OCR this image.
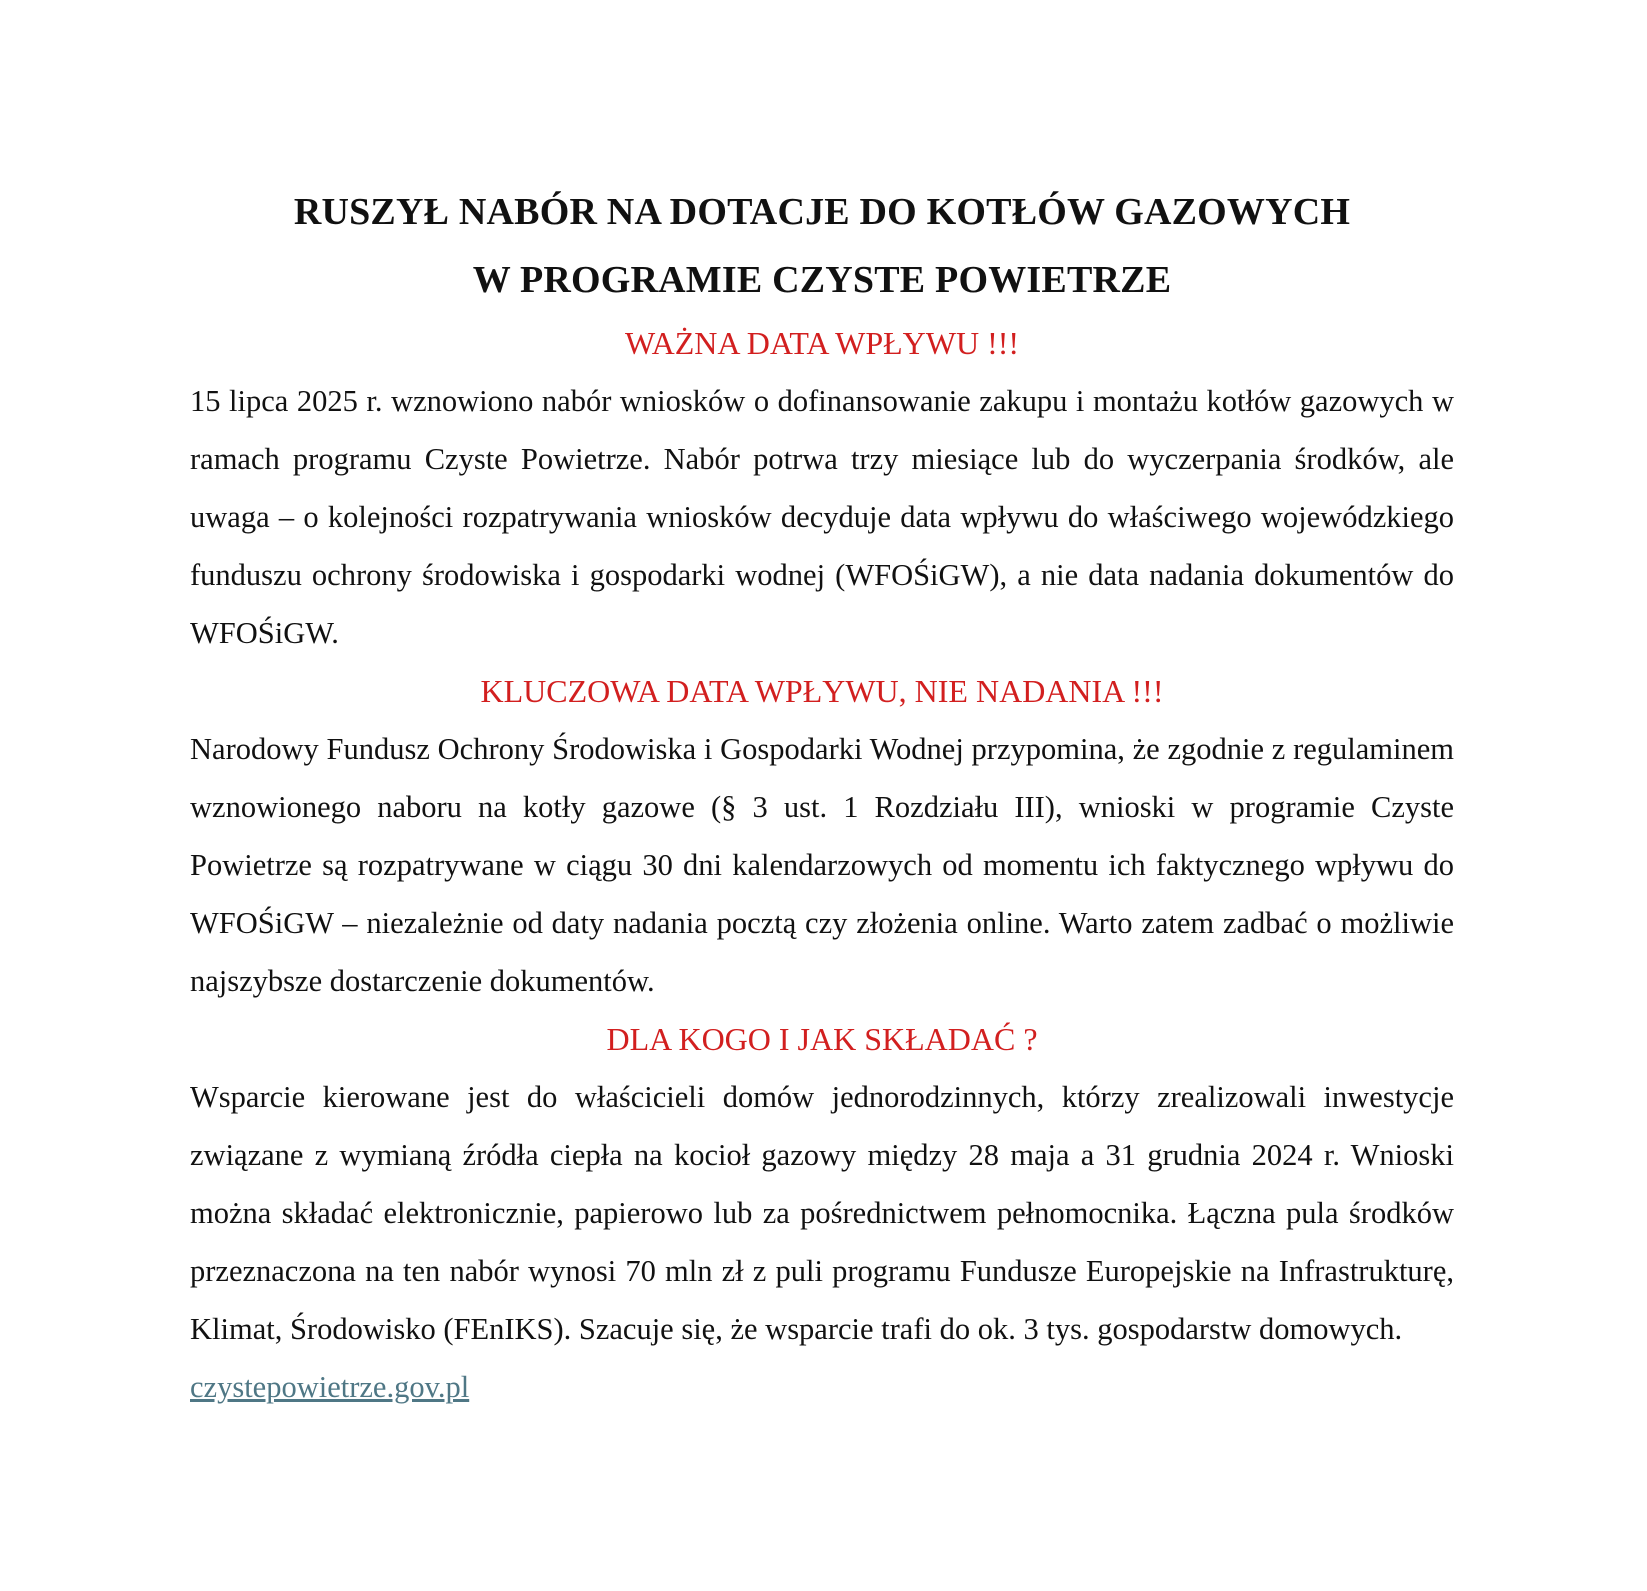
RUSZYŁ NABÓR NA DOTACJE DO KOTŁÓW GAZOWYCH

W PROGRAMIE CZYSTE POWIETRZE

WAŻNA DATA WPŁYWU !!!

15 lipca 2025 r. wznowiono nabór wniosków o dofinansowanie zakupu i montażu kotłów gazowych w ramach programu Czyste Powietrze. Nabór potrwa trzy miesiące lub do wyczerpania środków, ale uwaga – o kolejności rozpatrywania wniosków decyduje data wpływu do właściwego wojewódzkiego funduszu ochrony środowiska i gospodarki wodnej (WFOŚiGW), a nie data nadania dokumentów do WFOŚiGW.

KLUCZOWA DATA WPŁYWU, NIE NADANIA !!!

Narodowy Fundusz Ochrony Środowiska i Gospodarki Wodnej przypomina, że zgodnie z regulaminem wznowionego naboru na kotły gazowe (§ 3 ust. 1 Rozdziału III), wnioski w programie Czyste Powietrze są rozpatrywane w ciągu 30 dni kalendarzowych od momentu ich faktycznego wpływu do WFOŚiGW – niezależnie od daty nadania pocztą czy złożenia online. Warto zatem zadbać o możliwie najszybsze dostarczenie dokumentów.

DLA KOGO I JAK SKŁADAĆ ?

Wsparcie kierowane jest do właścicieli domów jednorodzinnych, którzy zrealizowali inwestycje związane z wymianą źródła ciepła na kocioł gazowy między 28 maja a 31 grudnia 2024 r. Wnioski można składać elektronicznie, papierowo lub za pośrednictwem pełnomocnika. Łączna pula środków przeznaczona na ten nabór wynosi 70 mln zł z puli programu Fundusze Europejskie na Infrastrukturę, Klimat, Środowisko (FEnIKS). Szacuje się, że wsparcie trafi do ok. 3 tys. gospodarstw domowych.

czystepowietrze.gov.pl
